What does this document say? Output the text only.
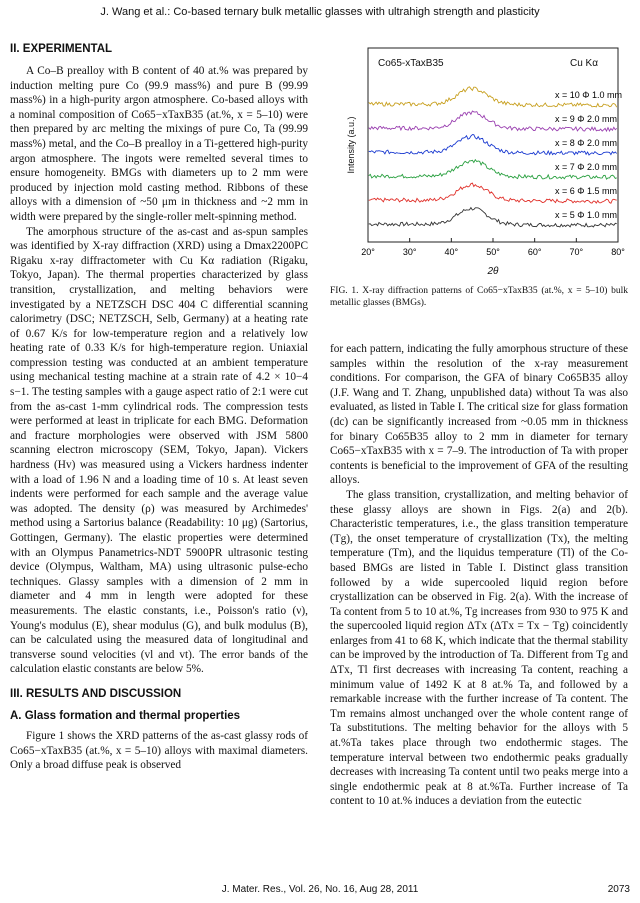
J. Wang et al.: Co-based ternary bulk metallic glasses with ultrahigh strength and plasticity
II. EXPERIMENTAL

A Co–B prealloy with B content of 40 at.% was prepared by induction melting pure Co (99.9 mass%) and pure B (99.99 mass%) in a high-purity argon atmosphere. Co-based alloys with a nominal composition of Co65−xTaxB35 (at.%, x = 5–10) were then prepared by arc melting the mixings of pure Co, Ta (99.99 mass%) metal, and the Co–B prealloy in a Ti-gettered high-purity argon atmosphere. The ingots were remelted several times to ensure homogeneity. BMGs with diameters up to 2 mm were produced by injection mold casting method. Ribbons of these alloys with a dimension of ~50 μm in thickness and ~2 mm in width were prepared by the single-roller melt-spinning method.

The amorphous structure of the as-cast and as-spun samples was identified by X-ray diffraction (XRD) using a Dmax2200PC Rigaku x-ray diffractometer with Cu Kα radiation (Rigaku, Tokyo, Japan). The thermal properties characterized by glass transition, crystallization, and melting behaviors were investigated by a NETZSCH DSC 404 C differential scanning calorimetry (DSC; NETZSCH, Selb, Germany) at a heating rate of 0.67 K/s for low-temperature region and a relatively low heating rate of 0.33 K/s for high-temperature region. Uniaxial compression testing was conducted at an ambient temperature using mechanical testing machine at a strain rate of 4.2 × 10−4 s−1. The testing samples with a gauge aspect ratio of 2:1 were cut from the as-cast 1-mm cylindrical rods. The compression tests were performed at least in triplicate for each BMG. Deformation and fracture morphologies were observed with JSM 5800 scanning electron microscopy (SEM, Tokyo, Japan). Vickers hardness (Hv) was measured using a Vickers hardness indenter with a load of 1.96 N and a loading time of 10 s. At least seven indents were performed for each sample and the average value was adopted. The density (ρ) was measured by Archimedes' method using a Sartorius balance (Readability: 10 μg) (Sartorius, Gottingen, Germany). The elastic properties were determined with an Olympus Panametrics-NDT 5900PR ultrasonic testing device (Olympus, Waltham, MA) using ultrasonic pulse-echo techniques. Glassy samples with a dimension of 2 mm in diameter and 4 mm in length were adopted for these measurements. The elastic constants, i.e., Poisson's ratio (ν), Young's modulus (E), shear modulus (G), and bulk modulus (B), can be calculated using the measured data of longitudinal and transverse sound velocities (vl and vt). The error bands of the calculation elastic constants are below 5%.

III. RESULTS AND DISCUSSION
A. Glass formation and thermal properties

Figure 1 shows the XRD patterns of the as-cast glassy rods of Co65−xTaxB35 (at.%, x = 5–10) alloys with maximal diameters. Only a broad diffuse peak is observed

Co65-xTaxB35	Cu Kα
Intensity (a.u.)
2θ
20°	30°	40°	50°	60°	70°	80°
x = 5 Φ 1.0 mm
x = 6 Φ 1.5 mm
x = 7 Φ 2.0 mm
x = 8 Φ 2.0 mm
x = 9 Φ 2.0 mm
x = 10 Φ 1.0 mm
FIG. 1. X-ray diffraction patterns of Co65−xTaxB35 (at.%, x = 5–10) bulk metallic glasses (BMGs).

for each pattern, indicating the fully amorphous structure of these samples within the resolution of the x-ray measurement conditions. For comparison, the GFA of binary Co65B35 alloy (J.F. Wang and T. Zhang, unpublished data) without Ta was also evaluated, as listed in Table I. The critical size for glass formation (dc) can be significantly increased from ~0.05 mm in thickness for binary Co65B35 alloy to 2 mm in diameter for ternary Co65−xTaxB35 with x = 7–9. The introduction of Ta with proper contents is beneficial to the improvement of GFA of the resulting alloys.

The glass transition, crystallization, and melting behavior of these glassy alloys are shown in Figs. 2(a) and 2(b). Characteristic temperatures, i.e., the glass transition temperature (Tg), the onset temperature of crystallization (Tx), the melting temperature (Tm), and the liquidus temperature (Tl) of the Co-based BMGs are listed in Table I. Distinct glass transition followed by a wide supercooled liquid region before crystallization can be observed in Fig. 2(a). With the increase of Ta content from 5 to 10 at.%, Tg increases from 930 to 975 K and the supercooled liquid region ΔTx (ΔTx = Tx − Tg) coincidently enlarges from 41 to 68 K, which indicate that the thermal stability can be improved by the introduction of Ta. Different from Tg and ΔTx, Tl first decreases with increasing Ta content, reaching a minimum value of 1492 K at 8 at.% Ta, and followed by a remarkable increase with the further increase of Ta content. The Tm remains almost unchanged over the whole content range of Ta substitutions. The melting behavior for the alloys with 5 at.%Ta takes place through two endothermic stages. The temperature interval between two endothermic peaks gradually decreases with increasing Ta content until two peaks merge into a single endothermic peak at 8 at.%Ta. Further increase of Ta content to 10 at.% induces a deviation from the eutectic

J. Mater. Res., Vol. 26, No. 16, Aug 28, 2011	2073
